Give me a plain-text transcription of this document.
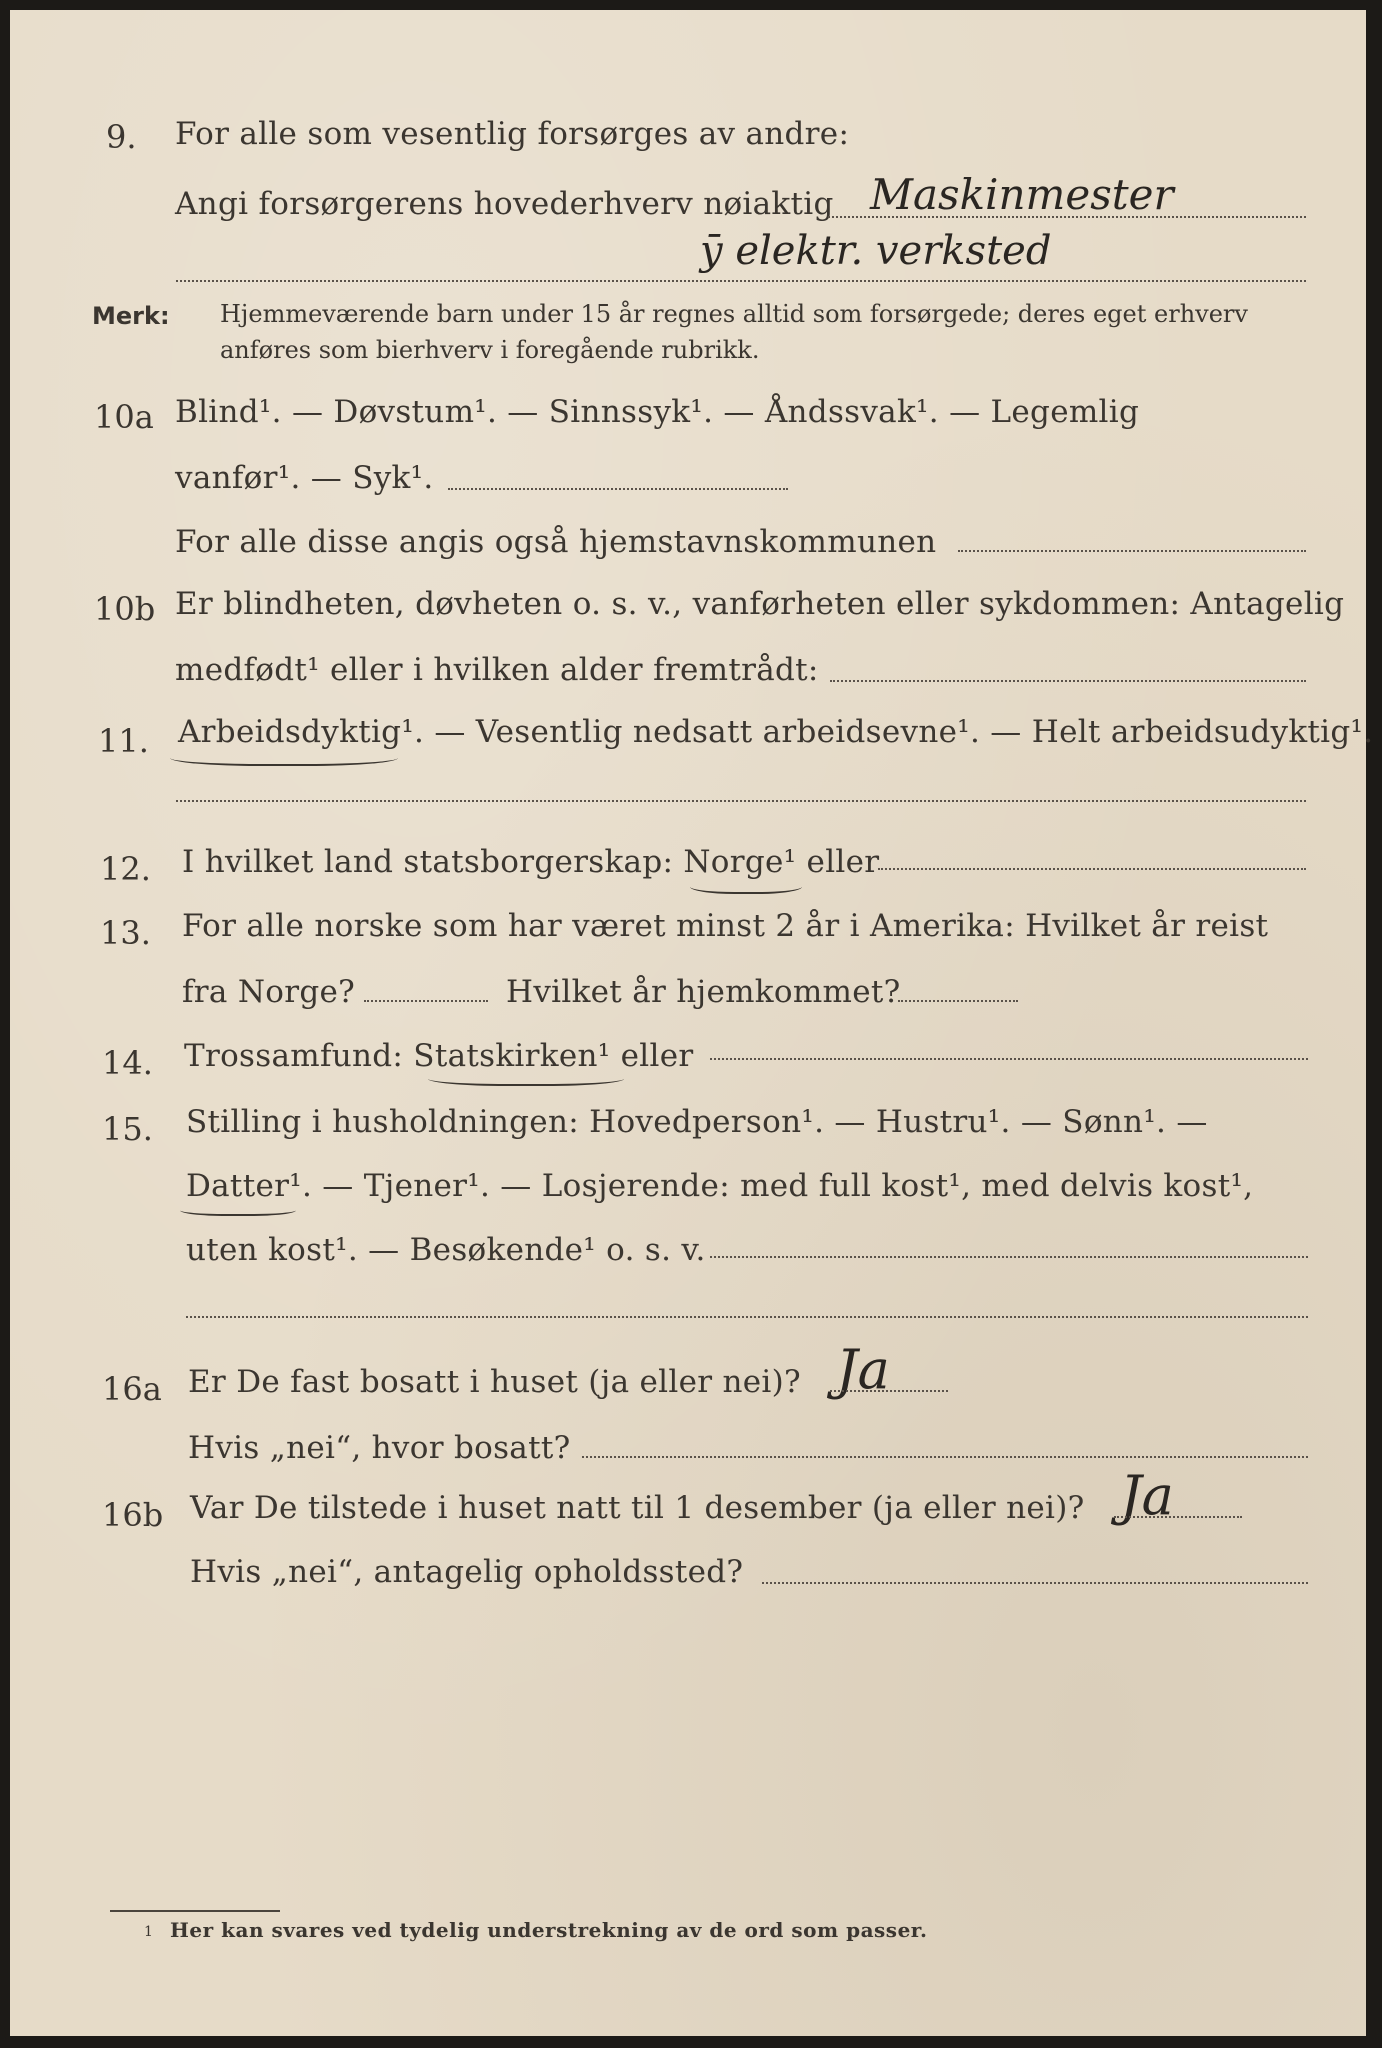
9. For alle som vesentlig forsørges av andre:
Angi forsørgerens hovederhverv nøiaktig Maskinmester
ȳ elektr. verksted
Merk: Hjemmeværende barn under 15 år regnes alltid som forsørgede; deres eget erhverv
anføres som bierhverv i foregående rubrikk.
10a Blind¹. — Døvstum¹. — Sinnssyk¹. — Åndssvak¹. — Legemlig
vanfør¹. — Syk¹.
For alle disse angis også hjemstavnskommunen
10b Er blindheten, døvheten o. s. v., vanførheten eller sykdommen: Antagelig
medfødt¹ eller i hvilken alder fremtrådt:
11. Arbeidsdyktig¹. — Vesentlig nedsatt arbeidsevne¹. — Helt arbeidsudyktig¹.
12. I hvilket land statsborgerskap: Norge¹ eller
13. For alle norske som har været minst 2 år i Amerika: Hvilket år reist
fra Norge?	Hvilket år hjemkommet?
14. Trossamfund: Statskirken¹ eller
15. Stilling i husholdningen: Hovedperson¹. — Hustru¹. — Sønn¹. —
Datter¹. — Tjener¹. — Losjerende: med full kost¹, med delvis kost¹,
uten kost¹. — Besøkende¹ o. s. v.
16a Er De fast bosatt i huset (ja eller nei)? Ja
Hvis „nei“, hvor bosatt?
16b Var De tilstede i huset natt til 1 desember (ja eller nei)? Ja
Hvis „nei“, antagelig opholdssted?
1 Her kan svares ved tydelig understrekning av de ord som passer.
